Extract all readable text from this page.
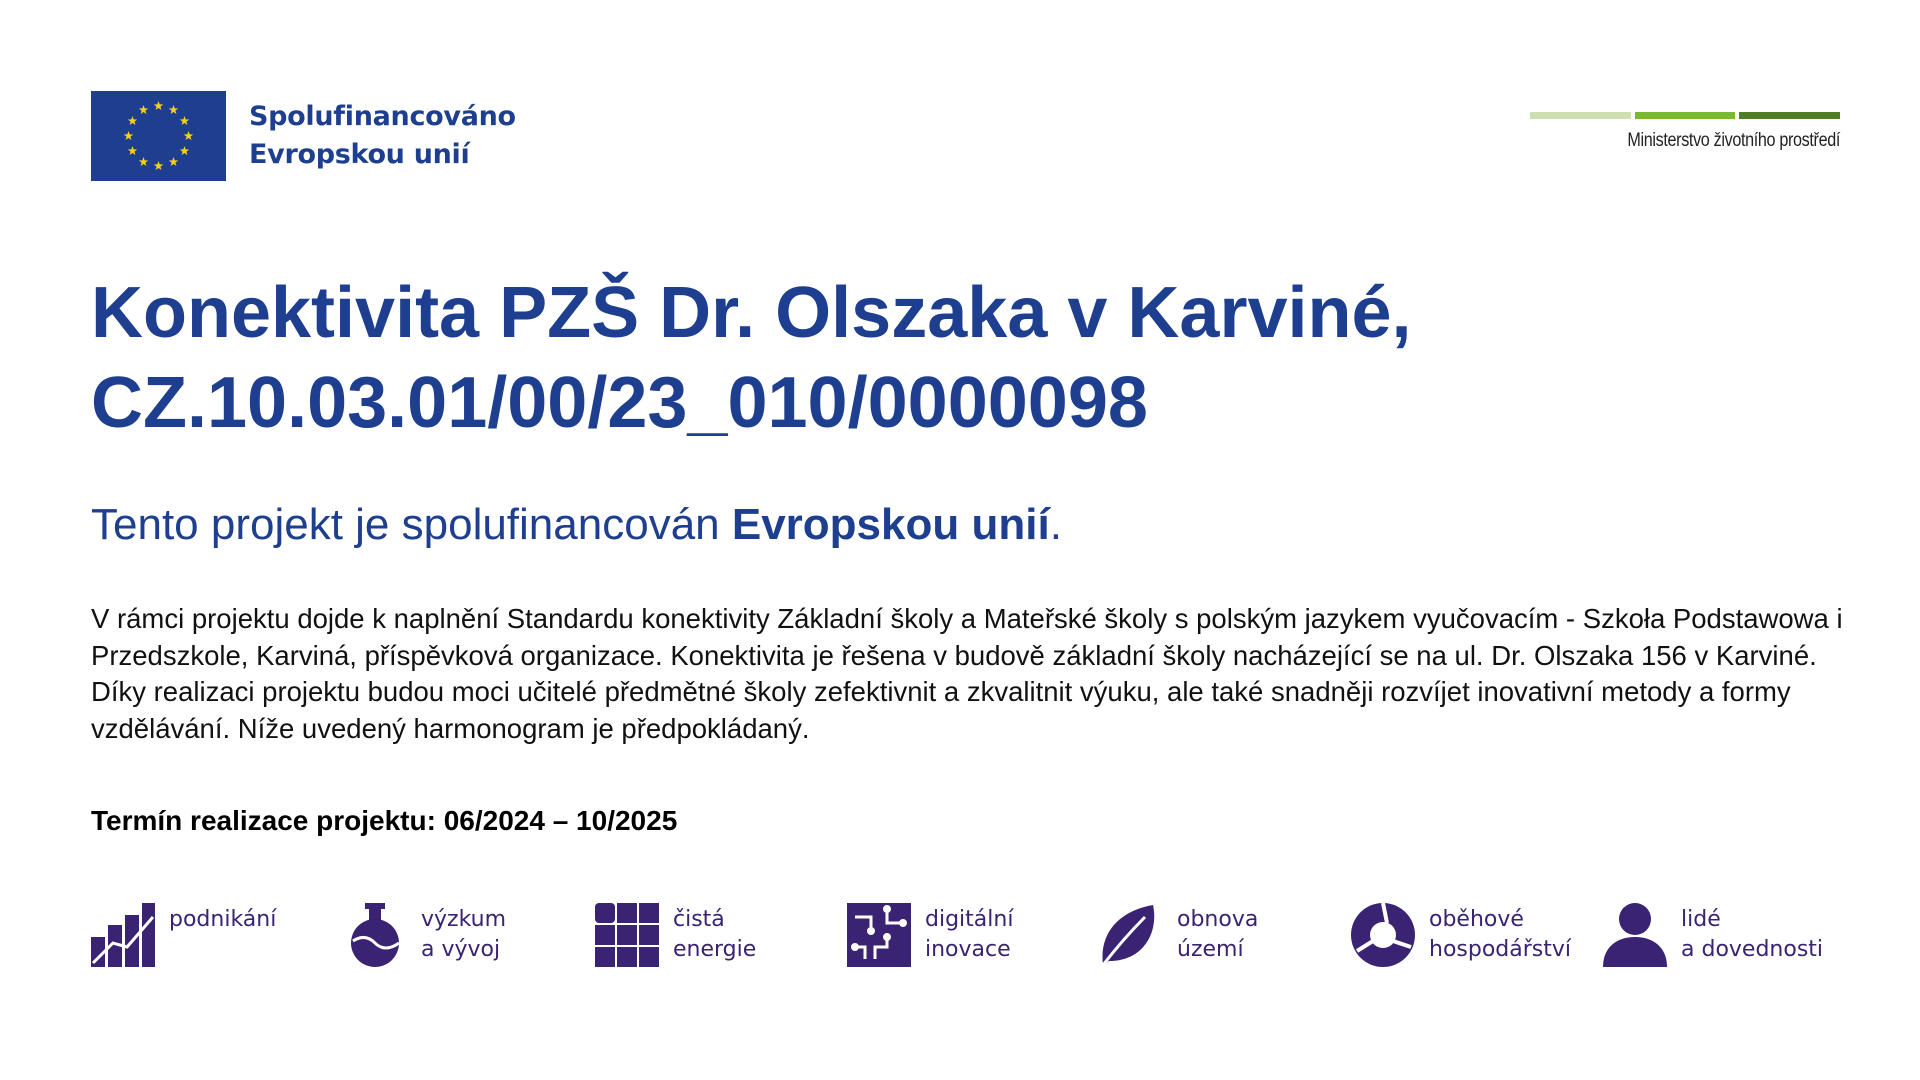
Spolufinancováno
Evropskou unií	Ministerstvo životního prostředí
Konektivita PZŠ Dr. Olszaka v Karviné,
CZ.10.03.01/00/23_010/0000098

Tento projekt je spolufinancován Evropskou unií.

V rámci projektu dojde k naplnění Standardu konektivity Základní školy a Mateřské školy s polským jazykem vyučovacím - Szkoła Podstawowa i Przedszkole, Karviná, příspěvková organizace. Konektivita je řešena v budově základní školy nacházející se na ul. Dr. Olszaka 156 v Karviné. Díky realizaci projektu budou moci učitelé předmětné školy zefektivnit a zkvalitnit výuku, ale také snadněji rozvíjet inovativní metody a formy vzdělávání. Níže uvedený harmonogram je předpokládaný.

Termín realizace projektu: 06/2024 – 10/2025

podnikání	výzkum
a vývoj
čistá
energie
digitální
inovace
obnova
území
oběhové
hospodářství
lidé
a dovednosti
